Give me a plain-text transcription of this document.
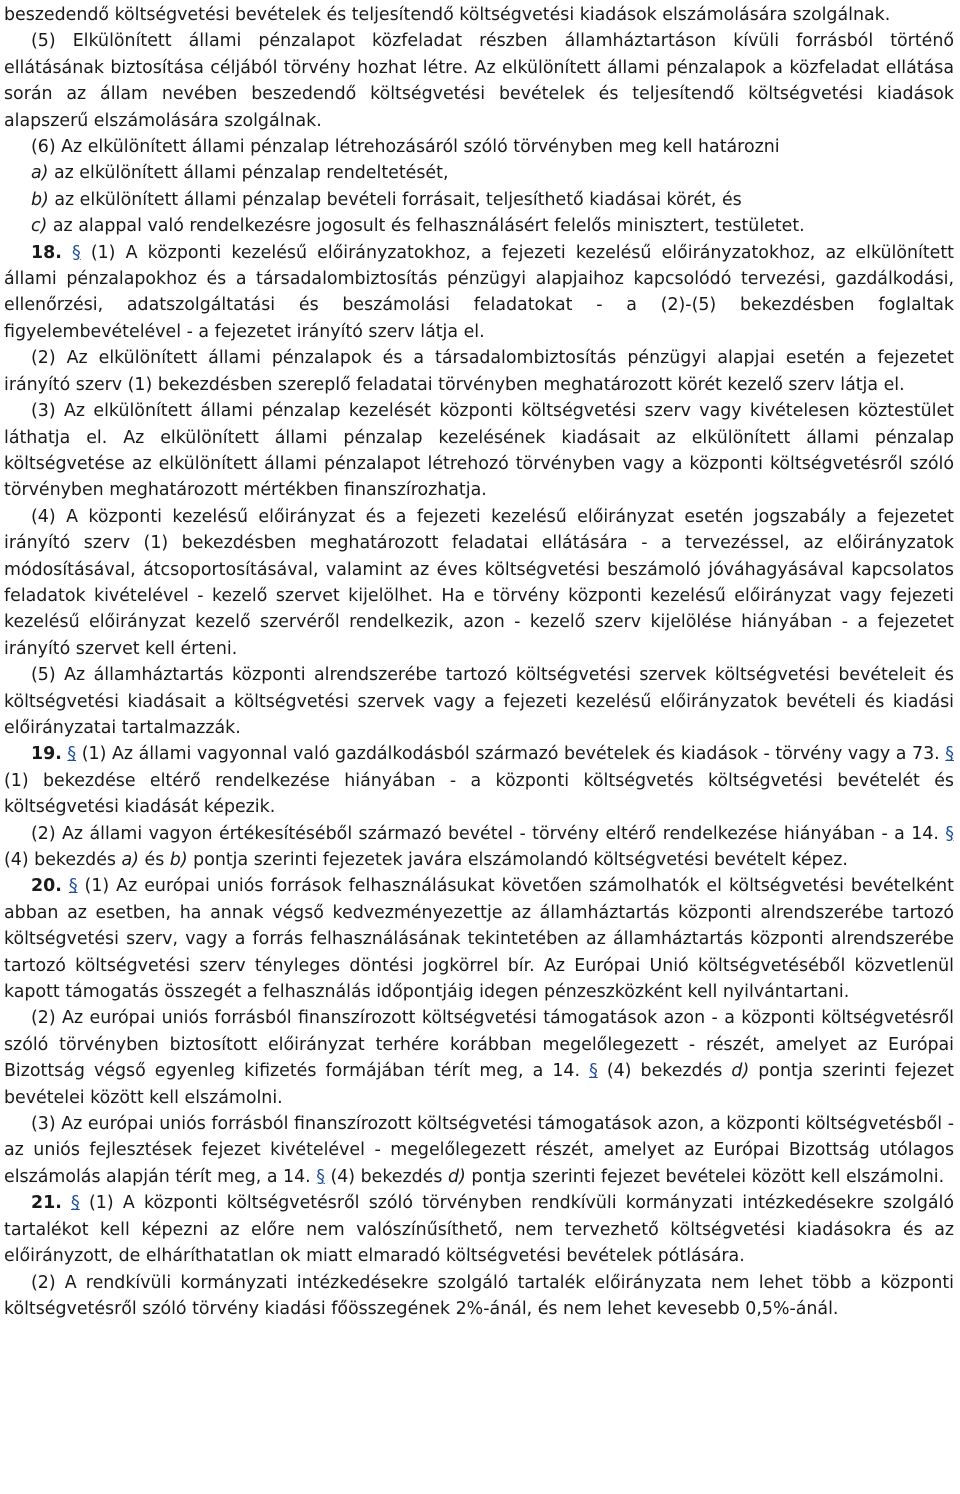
beszedendő költségvetési bevételek és teljesítendő költségvetési kiadások elszámolására szolgálnak.

(5) Elkülönített állami pénzalapot közfeladat részben államháztartáson kívüli forrásból történő ellátásának biztosítása céljából törvény hozhat létre. Az elkülönített állami pénzalapok a közfeladat ellátása során az állam nevében beszedendő költségvetési bevételek és teljesítendő költségvetési kiadások alapszerű elszámolására szolgálnak.

(6) Az elkülönített állami pénzalap létrehozásáról szóló törvényben meg kell határozni

a) az elkülönített állami pénzalap rendeltetését,

b) az elkülönített állami pénzalap bevételi forrásait, teljesíthető kiadásai körét, és

c) az alappal való rendelkezésre jogosult és felhasználásért felelős minisztert, testületet.

18. § (1) A központi kezelésű előirányzatokhoz, a fejezeti kezelésű előirányzatokhoz, az elkülönített állami pénzalapokhoz és a társadalombiztosítás pénzügyi alapjaihoz kapcsolódó tervezési, gazdálkodási, ellenőrzési, adatszolgáltatási és beszámolási feladatokat - a (2)-(5) bekezdésben foglaltak figyelembevételével - a fejezetet irányító szerv látja el.

(2) Az elkülönített állami pénzalapok és a társadalombiztosítás pénzügyi alapjai esetén a fejezetet irányító szerv (1) bekezdésben szereplő feladatai törvényben meghatározott körét kezelő szerv látja el.

(3) Az elkülönített állami pénzalap kezelését központi költségvetési szerv vagy kivételesen köztestület láthatja el. Az elkülönített állami pénzalap kezelésének kiadásait az elkülönített állami pénzalap költségvetése az elkülönített állami pénzalapot létrehozó törvényben vagy a központi költségvetésről szóló törvényben meghatározott mértékben finanszírozhatja.

(4) A központi kezelésű előirányzat és a fejezeti kezelésű előirányzat esetén jogszabály a fejezetet irányító szerv (1) bekezdésben meghatározott feladatai ellátására - a tervezéssel, az előirányzatok módosításával, átcsoportosításával, valamint az éves költségvetési beszámoló jóváhagyásával kapcsolatos feladatok kivételével - kezelő szervet kijelölhet. Ha e törvény központi kezelésű előirányzat vagy fejezeti kezelésű előirányzat kezelő szervéről rendelkezik, azon - kezelő szerv kijelölése hiányában - a fejezetet irányító szervet kell érteni.

(5) Az államháztartás központi alrendszerébe tartozó költségvetési szervek költségvetési bevételeit és költségvetési kiadásait a költségvetési szervek vagy a fejezeti kezelésű előirányzatok bevételi és kiadási előirányzatai tartalmazzák.

19. § (1) Az állami vagyonnal való gazdálkodásból származó bevételek és kiadások - törvény vagy a 73. § (1) bekezdése eltérő rendelkezése hiányában - a központi költségvetés költségvetési bevételét és költségvetési kiadását képezik.

(2) Az állami vagyon értékesítéséből származó bevétel - törvény eltérő rendelkezése hiányában - a 14. § (4) bekezdés a) és b) pontja szerinti fejezetek javára elszámolandó költségvetési bevételt képez.

20. § (1) Az európai uniós források felhasználásukat követően számolhatók el költségvetési bevételként abban az esetben, ha annak végső kedvezményezettje az államháztartás központi alrendszerébe tartozó költségvetési szerv, vagy a forrás felhasználásának tekintetében az államháztartás központi alrendszerébe tartozó költségvetési szerv tényleges döntési jogkörrel bír. Az Európai Unió költségvetéséből közvetlenül kapott támogatás összegét a felhasználás időpontjáig idegen pénzeszközként kell nyilvántartani.

(2) Az európai uniós forrásból finanszírozott költségvetési támogatások azon - a központi költségvetésről szóló törvényben biztosított előirányzat terhére korábban megelőlegezett - részét, amelyet az Európai Bizottság végső egyenleg kifizetés formájában térít meg, a 14. § (4) bekezdés d) pontja szerinti fejezet bevételei között kell elszámolni.

(3) Az európai uniós forrásból finanszírozott költségvetési támogatások azon, a központi költségvetésből - az uniós fejlesztések fejezet kivételével - megelőlegezett részét, amelyet az Európai Bizottság utólagos elszámolás alapján térít meg, a 14. § (4) bekezdés d) pontja szerinti fejezet bevételei között kell elszámolni.

21. § (1) A központi költségvetésről szóló törvényben rendkívüli kormányzati intézkedésekre szolgáló tartalékot kell képezni az előre nem valószínűsíthető, nem tervezhető költségvetési kiadásokra és az előirányzott, de elháríthatatlan ok miatt elmaradó költségvetési bevételek pótlására.

(2) A rendkívüli kormányzati intézkedésekre szolgáló tartalék előirányzata nem lehet több a központi költségvetésről szóló törvény kiadási főösszegének 2%-ánál, és nem lehet kevesebb 0,5%-ánál.
